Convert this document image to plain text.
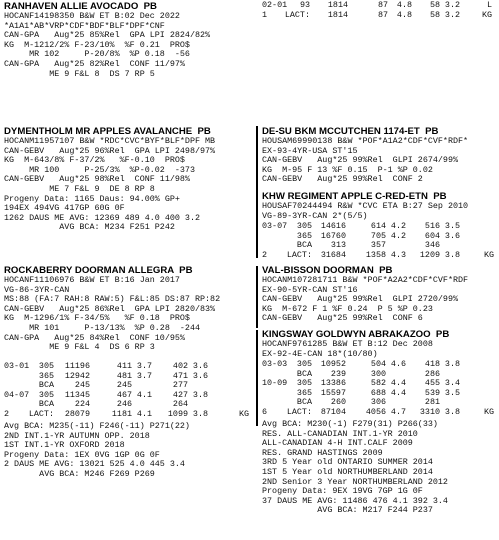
RANHAVEN ALLIE AVOCADO  PB
HOCANF14198350 B&W ET B:02 Dec 2022
*A1A1*AB*VRP*CDF*BDF*BLF*DPF*CNF
CAN-GPA   Aug*25 85%Rel  GPA LPI 2824/82%
KG  M-1212/2% F-23/10%  %F 0.21  PRO$
MR 102     P-20/8%  %P 0.18  -56
CAN-GPA   Aug*25 82%Rel  CONF 11/97%
ME 9 F&L 8  DS 7 RP 5
DYMENTHOLM MR APPLES AVALANCHE  PB
HOCANM11957107 B&W *RDC*CVC*BYF*BLF*DPF MB
CAN-GEBV   Aug*25 96%Rel  GPA LPI 2498/97%
KG  M-643/8% F-37/2%   %F-0.10  PRO$
MR 100     P-25/3%  %P-0.02  -373
CAN-GEBV   Aug*25 98%Rel  CONF 11/98%
ME 7 F&L 9  DE 8 RP 8
Progeny Data: 1165 Daus: 94.00% GP+
194EX 494VG 417GP 60G 0F
1262 DAUS ME AVG: 12369 489 4.0 400 3.2
AVG BCA: M234 F251 P242
ROCKABERRY DOORMAN ALLEGRA  PB
HOCANF11106976 B&W ET B:16 Jan 2017
VG-86-3YR-CAN
MS:88 (FA:7 RAH:8 RAW:5) F&L:85 DS:87 RP:82
CAN-GEBV   Aug*25 86%Rel  GPA LPI 2820/83%
KG  M-1296/1% F-34/5%   %F 0.18  PRO$
MR 101     P-13/13%  %P 0.28  -244
CAN-GPA   Aug*25 84%Rel  CONF 10/95%
ME 9 F&L 4  DS 6 RP 3
03-01 305 11196	411 3.7 402 3.6
365 12942	481 3.7 471 3.6
BCA 245	245	277
04-07 305 11345	467 4.1 427 3.8
BCA 224	246	264
2 LACT: 28079	1181 4.1 1099 3.8	KG
Avg BCA: M235(-11) F246(-11) P271(22)
2ND INT.1-YR AUTUMN OPP. 2018
1ST INT.1-YR OXFORD 2018
Progeny Data: 1EX 0VG 1GP 0G 0F
2 DAUS ME AVG: 13021 525 4.0 445 3.4
AVG BCA: M246 F269 P269
02-01 93 1814	87 4.8 58 3.2	L
1 LACT: 1814	87 4.8 58 3.2	KG
DE-SU BKM MCCUTCHEN 1174-ET  PB
HOUSAM69990138 B&W *POF*A1A2*CDF*CVF*RDF*
EX-93-4YR-USA ST'15
CAN-GEBV   Aug*25 99%Rel  GLPI 2674/99%
KG  M-95 F 13 %F 0.15  P-1 %P 0.02
CAN-GEBV   Aug*25 99%Rel  CONF 2
KHW REGIMENT APPLE C-RED-ETN  PB
HOUSAF70244494 R&W *CVC ETA B:27 Sep 2010
VG-89-3YR-CAN 2*(5/5)
03-07 305 14616	614 4.2 516 3.5
365 16760	705 4.2 604 3.6
BCA 313	357	346
2 LACT: 31684 1358 4.3 1209 3.8	KG
VAL-BISSON DOORMAN  PB
HOCANM107281711 B&W *POF*A2A2*CDF*CVF*RDF
EX-90-5YR-CAN ST'16
CAN-GEBV   Aug*25 99%Rel  GLPI 2720/99%
KG  M-672 F 1 %F 0.24  P 5 %P 0.23
CAN-GEBV   Aug*25 99%Rel  CONF 6
KINGSWAY GOLDWYN ABRAKAZOO  PB
HOCANF9761285 B&W ET B:12 Dec 2008
EX-92-4E-CAN 18*(10/80)
03-03 305 10952	504 4.6 418 3.8
BCA 239	300	286
10-09 305 13386	582 4.4 455 3.4
365 15597	688 4.4 539 3.5
BCA 260	306	281
6 LACT: 87104 4056 4.7 3310 3.8	KG
Avg BCA: M230(-1) F279(31) P266(33)
RES. ALL-CANADIAN INT.1-YR 2010
ALL-CANADIAN 4-H INT.CALF 2009
RES. GRAND HASTINGS 2009
3RD 5 Year old ONTARIO SUMMER 2014
1ST 5 Year old NORTHUMBERLAND 2014
2ND Senior 3 Year NORTHUMBERLAND 2012
Progeny Data: 9EX 19VG 7GP 1G 0F
37 DAUS ME AVG: 11486 476 4.1 392 3.4
AVG BCA: M217 F244 P237
